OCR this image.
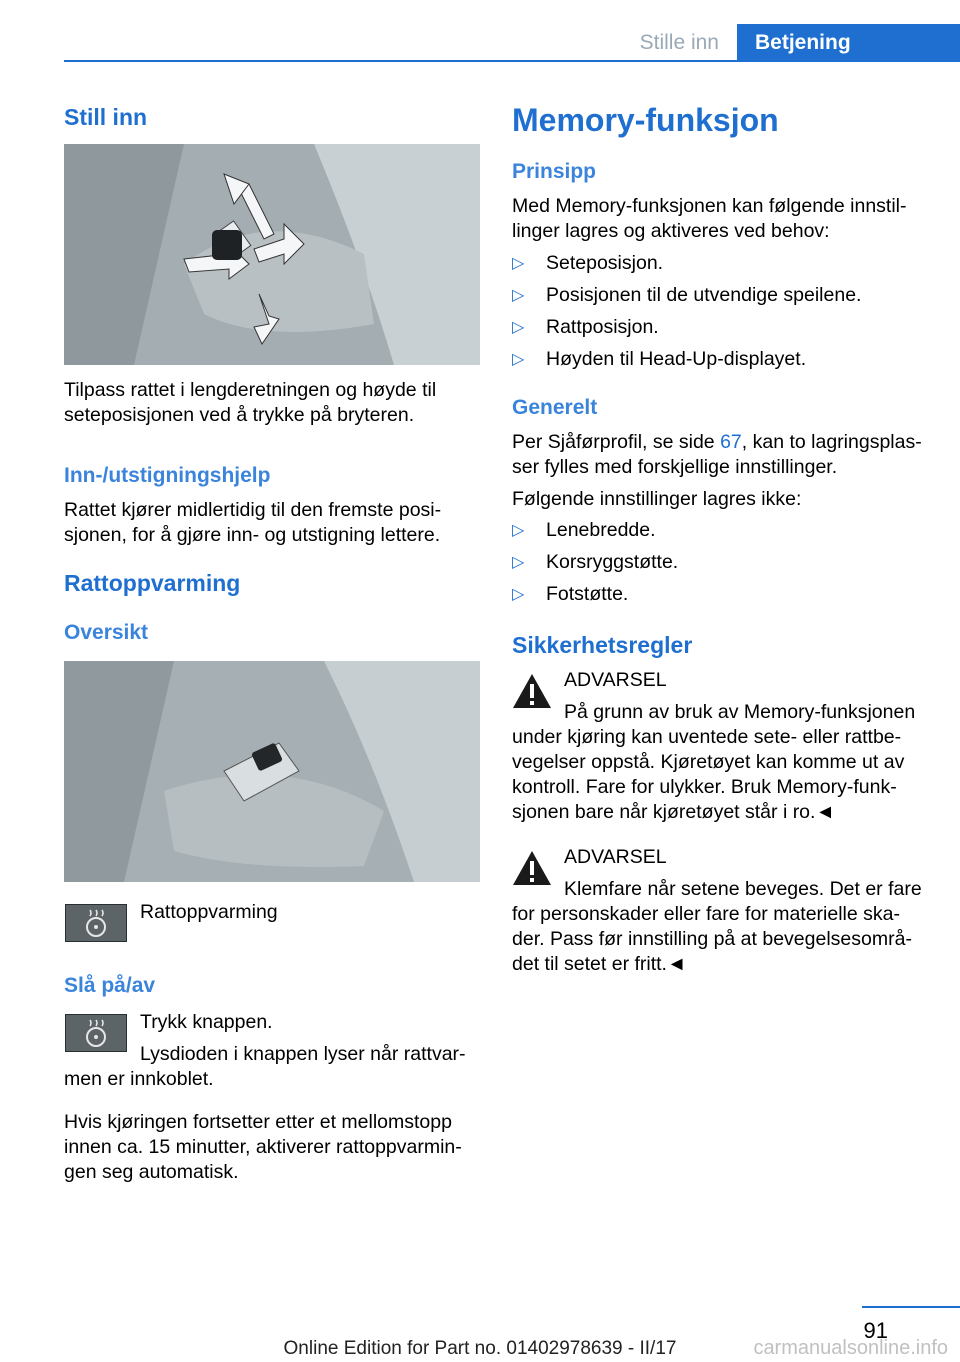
Stille inn	Betjening
Still inn

Tilpass rattet i lengderetningen og høyde til seteposisjonen ved å trykke på bryteren.

Inn-/utstigningshjelp

Rattet kjører midlertidig til den fremste posi-sjonen, for å gjøre inn- og utstigning lettere.

Rattoppvarming
Oversikt
Rattoppvarming
Slå på/av
Trykk knappen.
Lysdioden i knappen lyser når rattvar-men er innkoblet.

Hvis kjøringen fortsetter etter et mellomstopp innen ca. 15 minutter, aktiverer rattoppvarmin-gen seg automatisk.

Memory-funksjon
Prinsipp

Med Memory-funksjonen kan følgende innstil-linger lagres og aktiveres ved behov:

▷ Seteposisjon.
▷ Posisjonen til de utvendige speilene.
▷ Rattposisjon.
▷ Høyden til Head-Up-displayet.
Generelt

Per Sjåførprofil, se side 67, kan to lagringsplas-ser fylles med forskjellige innstillinger.

Følgende innstillinger lagres ikke:

▷ Lenebredde.
▷ Korsryggstøtte.
▷ Fotstøtte.
Sikkerhetsregler
ADVARSEL
På grunn av bruk av Memory-funksjonen under kjøring kan uventede sete- eller rattbe-vegelser oppstå. Kjøretøyet kan komme ut av kontroll. Fare for ulykker. Bruk Memory-funk-sjonen bare når kjøretøyet står i ro.◄
ADVARSEL
Klemfare når setene beveges. Det er fare for personskader eller fare for materielle ska-der. Pass før innstilling på at bevegelsesområ-det til setet er fritt.◄
91
Online Edition for Part no. 01402978639 - II/17	carmanualsonline.info
